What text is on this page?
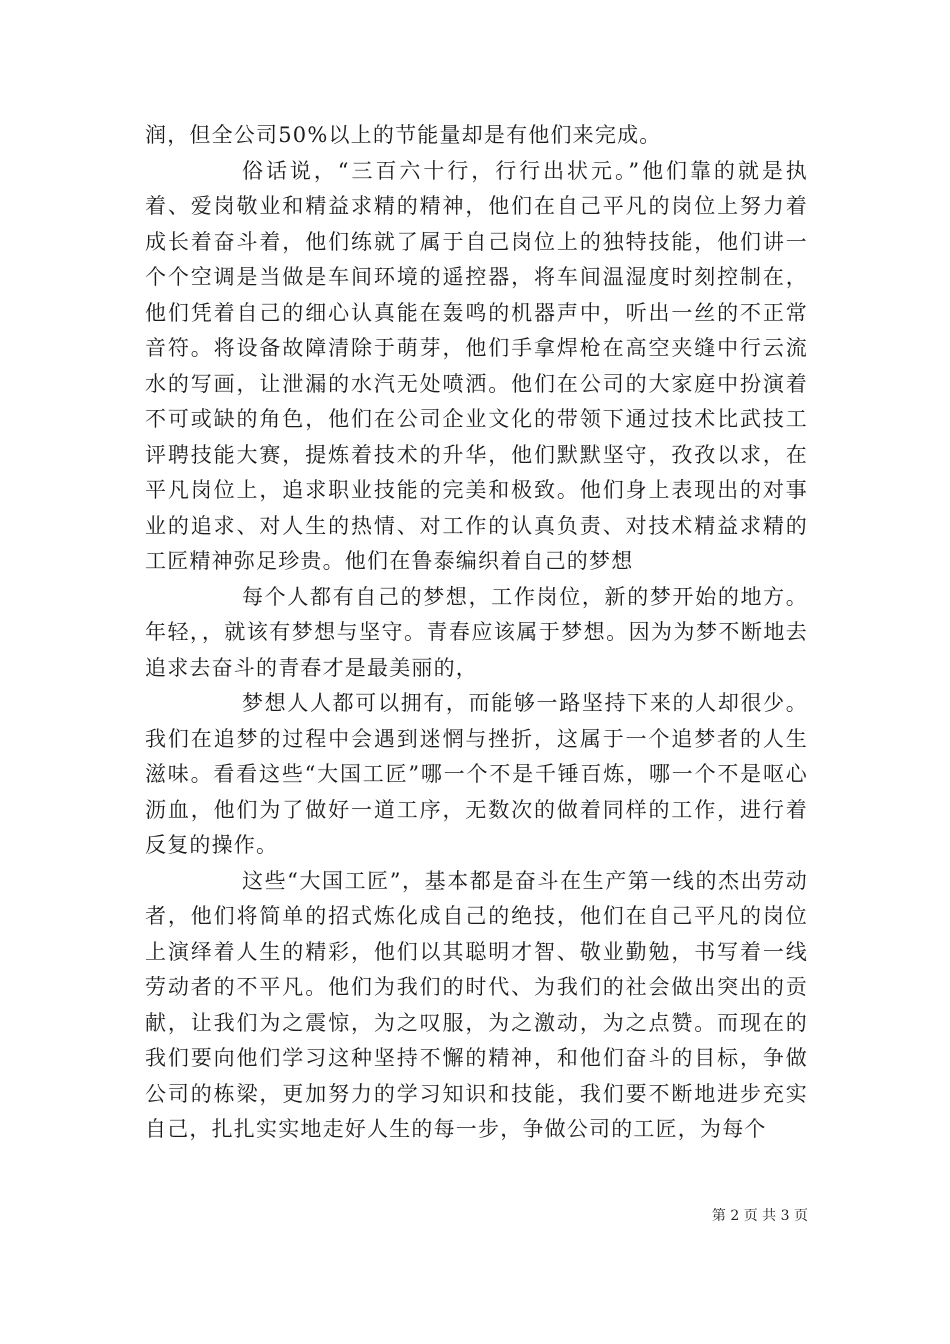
润，但全公司50%以上的节能量却是有他们来完成。

俗话说，“三百六十行，行行出状元。”他们靠的就是执着、爱岗敬业和精益求精的精神，他们在自己平凡的岗位上努力着成长着奋斗着，他们练就了属于自己岗位上的独特技能，他们讲一个个空调是当做是车间环境的遥控器，将车间温湿度时刻控制在，他们凭着自己的细心认真能在轰鸣的机器声中，听出一丝的不正常音符。将设备故障清除于萌芽，他们手拿焊枪在高空夹缝中行云流水的写画，让泄漏的水汽无处喷洒。他们在公司的大家庭中扮演着不可或缺的角色，他们在公司企业文化的带领下通过技术比武技工评聘技能大赛，提炼着技术的升华，他们默默坚守，孜孜以求，在平凡岗位上，追求职业技能的完美和极致。他们身上表现出的对事业的追求、对人生的热情、对工作的认真负责、对技术精益求精的工匠精神弥足珍贵。他们在鲁泰编织着自己的梦想

每个人都有自己的梦想，工作岗位，新的梦开始的地方。年轻，，就该有梦想与坚守。青春应该属于梦想。因为为梦不断地去追求去奋斗的青春才是最美丽的，

梦想人人都可以拥有，而能够一路坚持下来的人却很少。我们在追梦的过程中会遇到迷惘与挫折，这属于一个追梦者的人生滋味。看看这些“大国工匠”哪一个不是千锤百炼，哪一个不是呕心沥血，他们为了做好一道工序，无数次的做着同样的工作，进行着反复的操作。

这些“大国工匠”，基本都是奋斗在生产第一线的杰出劳动者，他们将简单的招式炼化成自己的绝技，他们在自己平凡的岗位上演绎着人生的精彩，他们以其聪明才智、敬业勤勉，书写着一线劳动者的不平凡。他们为我们的时代、为我们的社会做出突出的贡献，让我们为之震惊，为之叹服，为之激动，为之点赞。而现在的我们要向他们学习这种坚持不懈的精神，和他们奋斗的目标，争做公司的栋梁，更加努力的学习知识和技能，我们要不断地进步充实自己，扎扎实实地走好人生的每一步，争做公司的工匠，为每个

第 2 页 共 3 页
